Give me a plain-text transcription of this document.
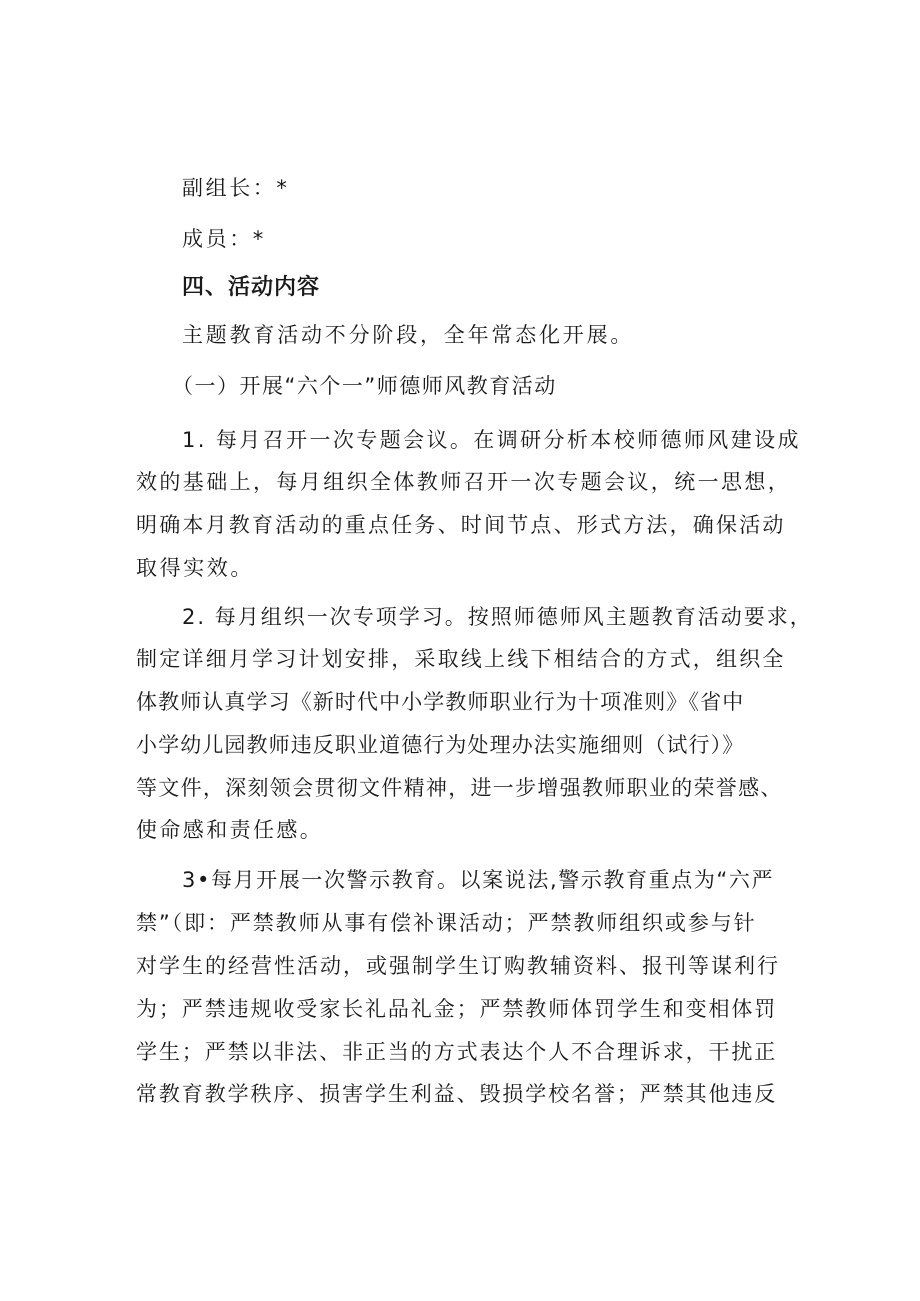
副组长：*
成员：*
四、活动内容
主题教育活动不分阶段，全年常态化开展。
（一）开展“六个一”师德师风教育活动
1. 每月召开一次专题会议。在调研分析本校师德师风建设成
效的基础上，每月组织全体教师召开一次专题会议，统一思想，
明确本月教育活动的重点任务、时间节点、形式方法，确保活动
取得实效。
2. 每月组织一次专项学习。按照师德师风主题教育活动要求，
制定详细月学习计划安排，采取线上线下相结合的方式，组织全
体教师认真学习《新时代中小学教师职业行为十项准则》《省中
小学幼儿园教师违反职业道德行为处理办法实施细则（试行）》
等文件，深刻领会贯彻文件精神，进一步增强教师职业的荣誉感、
使命感和责任感。
3•每月开展一次警示教育。以案说法,警示教育重点为“六严
禁”（即：严禁教师从事有偿补课活动；严禁教师组织或参与针
对学生的经营性活动，或强制学生订购教辅资料、报刊等谋利行
为；严禁违规收受家长礼品礼金；严禁教师体罚学生和变相体罚
学生；严禁以非法、非正当的方式表达个人不合理诉求，干扰正
常教育教学秩序、损害学生利益、毁损学校名誉；严禁其他违反
